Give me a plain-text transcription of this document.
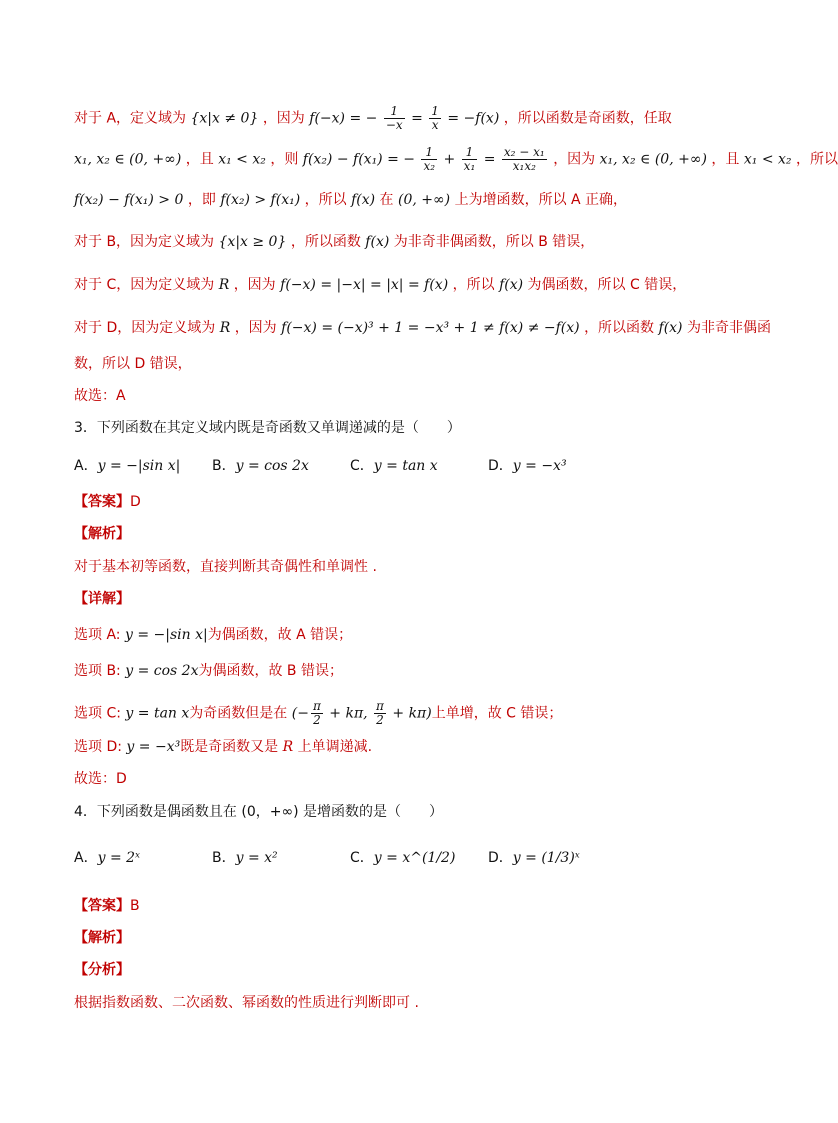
对于 A，定义域为 {x|x ≠ 0} ，因为 f(−x) = − $\frac{1}{-x} = \frac{1}{x} = -f(x)$ ，所以函数是奇函数，任取
x₁, x₂ ∈ (0, +∞) ，且 x₁ < x₂ ，则 f(x₂) − f(x₁) = − $\frac{1}{\text{x₂}} + \frac{1}{\text{x₁}} = \frac{\text{x₂ − x₁}}{\text{x₁x₂}}$ ，因为 x₁, x₂ ∈ (0, +∞) ，且 x₁ < x₂ ，所以
f(x₂) − f(x₁) > 0 ，即 f(x₂) > f(x₁) ，所以 f(x) 在 (0, +∞) 上为增函数，所以 A 正确，
对于 B，因为定义域为 {x|x ≥ 0} ，所以函数 f(x) 为非奇非偶函数，所以 B 错误，
对于 C，因为定义域为 R ，因为 f(−x) = |−x| = |x| = f(x) ，所以 f(x) 为偶函数，所以 C 错误，
对于 D，因为定义域为 R ，因为 f(−x) = (−x)³ + 1 = −x³ + 1 ≠ f(x) ≠ −f(x) ，所以函数 f(x) 为非奇非偶函
数，所以 D 错误，
故选：A
3．下列函数在其定义域内既是奇函数又单调递减的是（　　）
A．y = −|sin x| B．y = cos 2x	C．y = tan x	D．y = −x³
【答案】D
【解析】
对于基本初等函数，直接判断其奇偶性和单调性 .
【详解】
选项 A: y = −|sin x|为偶函数，故 A 错误；
选项 B: y = cos 2x为偶函数，故 B 错误；
选项 C: y = tan x为奇函数但是在 (− $\frac{\pi}{2} + k\pi$, $\frac{\pi}{2} + k\pi$)上单增，故 C 错误；
选项 D: y = −x³既是奇函数又是 R 上单调递减.
故选：D
4．下列函数是偶函数且在 (0，+∞) 是增函数的是（　　）
A．y = 2ˣ	B．y = x²	C．y = x^(1/2) D．y = (1/3)ˣ
【答案】B
【解析】
【分析】
根据指数函数、二次函数、幂函数的性质进行判断即可 .
